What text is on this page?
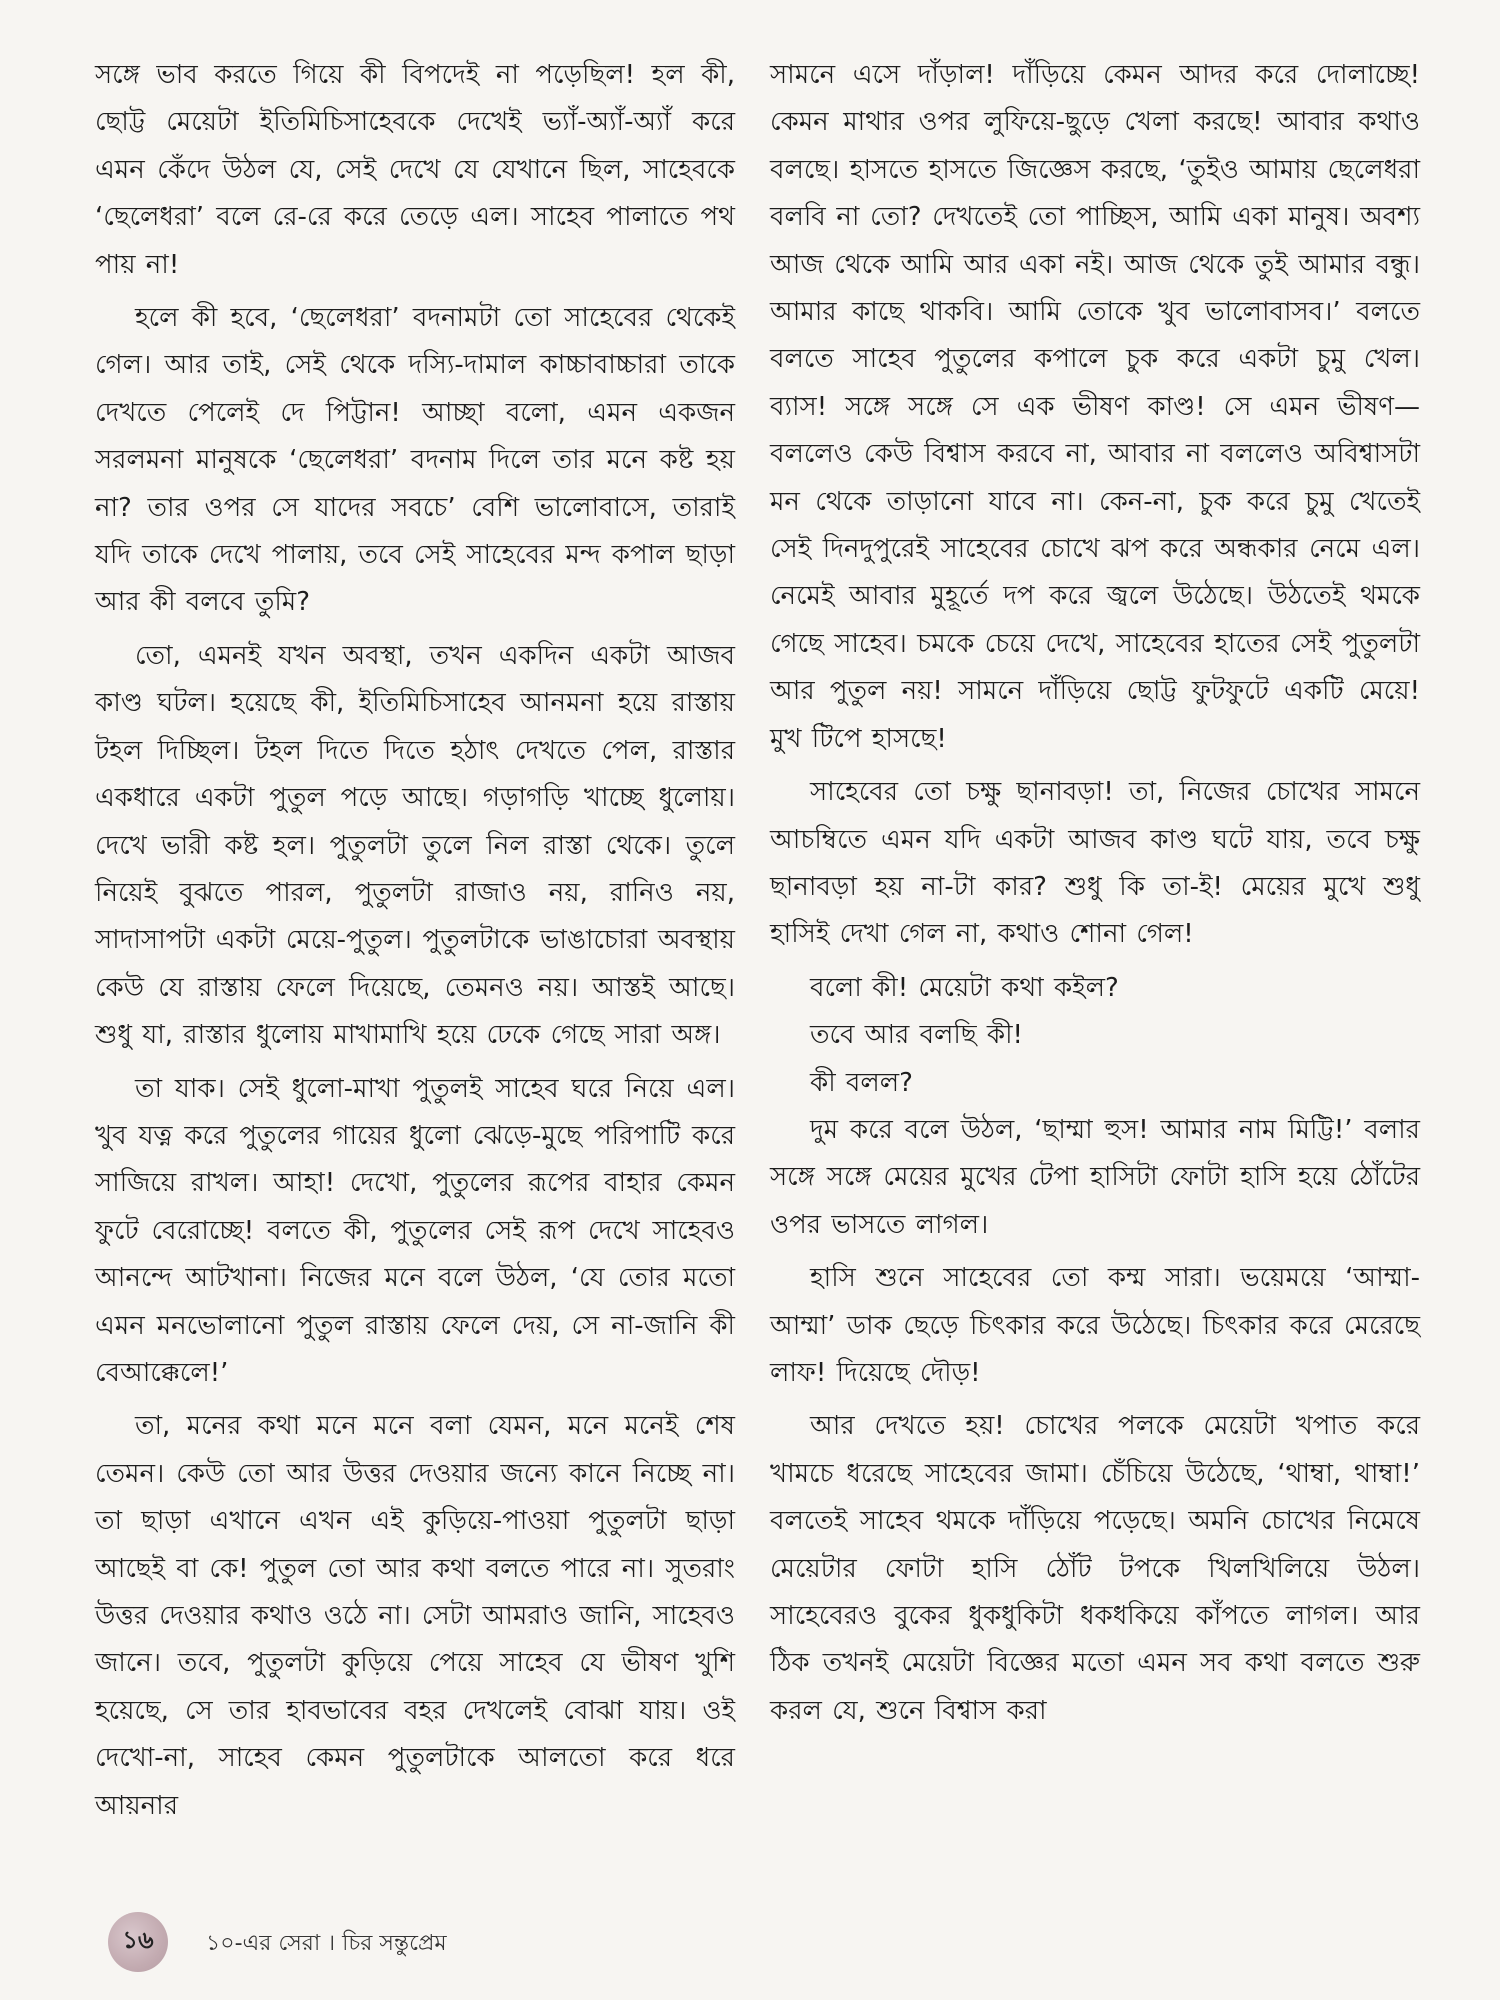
সঙ্গে ভাব করতে গিয়ে কী বিপদেই না পড়েছিল! হল কী, ছোট্ট মেয়েটা ইতিমিচিসাহেবকে দেখেই ভ্যাঁ-অ্যাঁ-অ্যাঁ করে এমন কেঁদে উঠল যে, সেই দেখে যে যেখানে ছিল, সাহেবকে ‘ছেলেধরা’ বলে রে-রে করে তেড়ে এল। সাহেব পালাতে পথ পায় না!

হলে কী হবে, ‘ছেলেধরা’ বদনামটা তো সাহেবের থেকেই গেল। আর তাই, সেই থেকে দস্যি-দামাল কাচ্চাবাচ্চারা তাকে দেখতে পেলেই দে পিট্টান! আচ্ছা বলো, এমন একজন সরলমনা মানুষকে ‘ছেলেধরা’ বদনাম দিলে তার মনে কষ্ট হয় না? তার ওপর সে যাদের সবচে’ বেশি ভালোবাসে, তারাই যদি তাকে দেখে পালায়, তবে সেই সাহেবের মন্দ কপাল ছাড়া আর কী বলবে তুমি?

তো, এমনই যখন অবস্থা, তখন একদিন একটা আজব কাণ্ড ঘটল। হয়েছে কী, ইতিমিচিসাহেব আনমনা হয়ে রাস্তায় টহল দিচ্ছিল। টহল দিতে দিতে হঠাৎ দেখতে পেল, রাস্তার একধারে একটা পুতুল পড়ে আছে। গড়াগড়ি খাচ্ছে ধুলোয়। দেখে ভারী কষ্ট হল। পুতুলটা তুলে নিল রাস্তা থেকে। তুলে নিয়েই বুঝতে পারল, পুতুলটা রাজাও নয়, রানিও নয়, সাদাসাপটা একটা মেয়ে-পুতুল। পুতুলটাকে ভাঙাচোরা অবস্থায় কেউ যে রাস্তায় ফেলে দিয়েছে, তেমনও নয়। আস্তই আছে। শুধু যা, রাস্তার ধুলোয় মাখামাখি হয়ে ঢেকে গেছে সারা অঙ্গ।

তা যাক। সেই ধুলো-মাখা পুতুলই সাহেব ঘরে নিয়ে এল। খুব যত্ন করে পুতুলের গায়ের ধুলো ঝেড়ে-মুছে পরিপাটি করে সাজিয়ে রাখল। আহা! দেখো, পুতুলের রূপের বাহার কেমন ফুটে বেরোচ্ছে! বলতে কী, পুতুলের সেই রূপ দেখে সাহেবও আনন্দে আটখানা। নিজের মনে বলে উঠল, ‘যে তোর মতো এমন মনভোলানো পুতুল রাস্তায় ফেলে দেয়, সে না-জানি কী বেআক্কেলে!’

তা, মনের কথা মনে মনে বলা যেমন, মনে মনেই শেষ তেমন। কেউ তো আর উত্তর দেওয়ার জন্যে কানে নিচ্ছে না। তা ছাড়া এখানে এখন এই কুড়িয়ে-পাওয়া পুতুলটা ছাড়া আছেই বা কে! পুতুল তো আর কথা বলতে পারে না। সুতরাং উত্তর দেওয়ার কথাও ওঠে না। সেটা আমরাও জানি, সাহেবও জানে। তবে, পুতুলটা কুড়িয়ে পেয়ে সাহেব যে ভীষণ খুশি হয়েছে, সে তার হাবভাবের বহর দেখলেই বোঝা যায়। ওই দেখো-না, সাহেব কেমন পুতুলটাকে আলতো করে ধরে আয়নার

সামনে এসে দাঁড়াল! দাঁড়িয়ে কেমন আদর করে দোলাচ্ছে! কেমন মাথার ওপর লুফিয়ে-ছুড়ে খেলা করছে! আবার কথাও বলছে। হাসতে হাসতে জিজ্ঞেস করছে, ‘তুইও আমায় ছেলেধরা বলবি না তো? দেখতেই তো পাচ্ছিস, আমি একা মানুষ। অবশ্য আজ থেকে আমি আর একা নই। আজ থেকে তুই আমার বন্ধু। আমার কাছে থাকবি। আমি তোকে খুব ভালোবাসব।’ বলতে বলতে সাহেব পুতুলের কপালে চুক করে একটা চুমু খেল। ব্যাস! সঙ্গে সঙ্গে সে এক ভীষণ কাণ্ড! সে এমন ভীষণ—বললেও কেউ বিশ্বাস করবে না, আবার না বললেও অবিশ্বাসটা মন থেকে তাড়ানো যাবে না। কেন-না, চুক করে চুমু খেতেই সেই দিনদুপুরেই সাহেবের চোখে ঝপ করে অন্ধকার নেমে এল। নেমেই আবার মুহূর্তে দপ করে জ্বলে উঠেছে। উঠতেই থমকে গেছে সাহেব। চমকে চেয়ে দেখে, সাহেবের হাতের সেই পুতুলটা আর পুতুল নয়! সামনে দাঁড়িয়ে ছোট্ট ফুটফুটে একটি মেয়ে! মুখ টিপে হাসছে!

সাহেবের তো চক্ষু ছানাবড়া! তা, নিজের চোখের সামনে আচম্বিতে এমন যদি একটা আজব কাণ্ড ঘটে যায়, তবে চক্ষু ছানাবড়া হয় না-টা কার? শুধু কি তা-ই! মেয়ের মুখে শুধু হাসিই দেখা গেল না, কথাও শোনা গেল!

বলো কী! মেয়েটা কথা কইল?

তবে আর বলছি কী!

কী বলল?

দুম করে বলে উঠল, ‘ছাম্মা হুস! আমার নাম মিট্টি!’ বলার সঙ্গে সঙ্গে মেয়ের মুখের টেপা হাসিটা ফোটা হাসি হয়ে ঠোঁটের ওপর ভাসতে লাগল।

হাসি শুনে সাহেবের তো কম্ম সারা। ভয়েময়ে ‘আম্মা-আম্মা’ ডাক ছেড়ে চিৎকার করে উঠেছে। চিৎকার করে মেরেছে লাফ! দিয়েছে দৌড়!

আর দেখতে হয়! চোখের পলকে মেয়েটা খপাত করে খামচে ধরেছে সাহেবের জামা। চেঁচিয়ে উঠেছে, ‘থাম্বা, থাম্বা!’ বলতেই সাহেব থমকে দাঁড়িয়ে পড়েছে। অমনি চোখের নিমেষে মেয়েটার ফোটা হাসি ঠোঁট টপকে খিলখিলিয়ে উঠল। সাহেবেরও বুকের ধুকধুকিটা ধকধকিয়ে কাঁপতে লাগল। আর ঠিক তখনই মেয়েটা বিজ্ঞের মতো এমন সব কথা বলতে শুরু করল যে, শুনে বিশ্বাস করা

১৬	১০-এর সেরা । চির সন্তুপ্রেম
